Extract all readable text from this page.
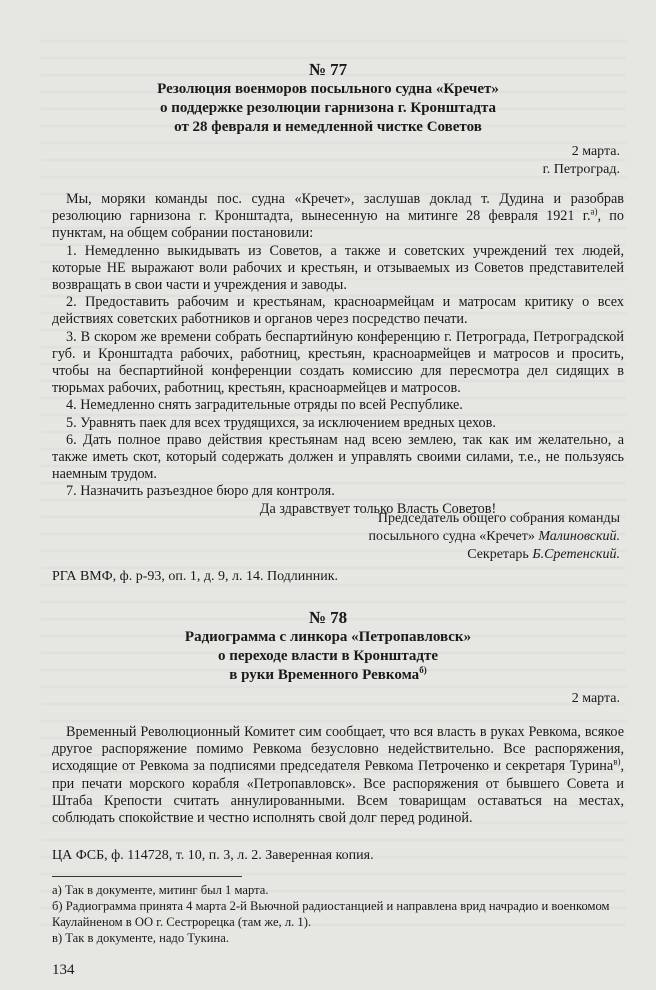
№ 77
Резолюция военморов посыльного судна «Кречет»
о поддержке резолюции гарнизона г. Кронштадта
от 28 февраля и немедленной чистке Советов
2 марта.
г. Петроград.

Мы, моряки команды пос. судна «Кречет», заслушав доклад т. Дудина и разобрав резолюцию гарнизона г. Кронштадта, вынесенную на митинге 28 февраля 1921 г.$^{а)}$, по пунктам, на общем собрании постановили:

1. Немедленно выкидывать из Советов, а также и советских учреждений тех людей, которые НЕ выражают воли рабочих и крестьян, и отзываемых из Советов представителей возвращать в свои части и учреждения и заводы.

2. Предоставить рабочим и крестьянам, красноармейцам и матросам критику о всех действиях советских работников и органов через посредство печати.

3. В скором же времени собрать беспартийную конференцию г. Петрограда, Петроградской губ. и Кронштадта рабочих, работниц, крестьян, красноармейцев и матросов и просить, чтобы на беспартийной конференции создать комиссию для пересмотра дел сидящих в тюрьмах рабочих, работниц, крестьян, красноармейцев и матросов.

4. Немедленно снять заградительные отряды по всей Республике.

5. Уравнять паек для всех трудящихся, за исключением вредных цехов.

6. Дать полное право действия крестьянам над всею землею, так как им желательно, а также иметь скот, который содержать должен и управлять своими силами, т.е., не пользуясь наемным трудом.

7. Назначить разъездное бюро для контроля.

Да здравствует только Власть Советов!

Председатель общего собрания команды
посыльного судна «Кречет» Малиновский.
Секретарь Б.Сретенский.
РГА ВМФ, ф. р-93, оп. 1, д. 9, л. 14. Подлинник.
№ 78
Радиограмма с линкора «Петропавловск»
о переходе власти в Кронштадте
в руки Временного Ревкома$^{б)}$
2 марта.

Временный Революционный Комитет сим сообщает, что вся власть в руках Ревкома, всякое другое распоряжение помимо Ревкома безусловно недействительно. Все распоряжения, исходящие от Ревкома за подписями председателя Ревкома Петроченко и секретаря Турина$^{в)}$, при печати морского корабля «Петропавловск». Все распоряжения от бывшего Совета и Штаба Крепости считать аннулированными. Всем товарищам оставаться на местах, соблюдать спокойствие и честно исполнять свой долг перед родиной.

ЦА ФСБ, ф. 114728, т. 10, п. 3, л. 2. Заверенная копия.

а) Так в документе, митинг был 1 марта.

б) Радиограмма принята 4 марта 2-й Вьючной радиостанцией и направлена врид начрадио и военкомом Каулайненом в ОО г. Сестрорецка (там же, л. 1).

в) Так в документе, надо Тукина.

134
